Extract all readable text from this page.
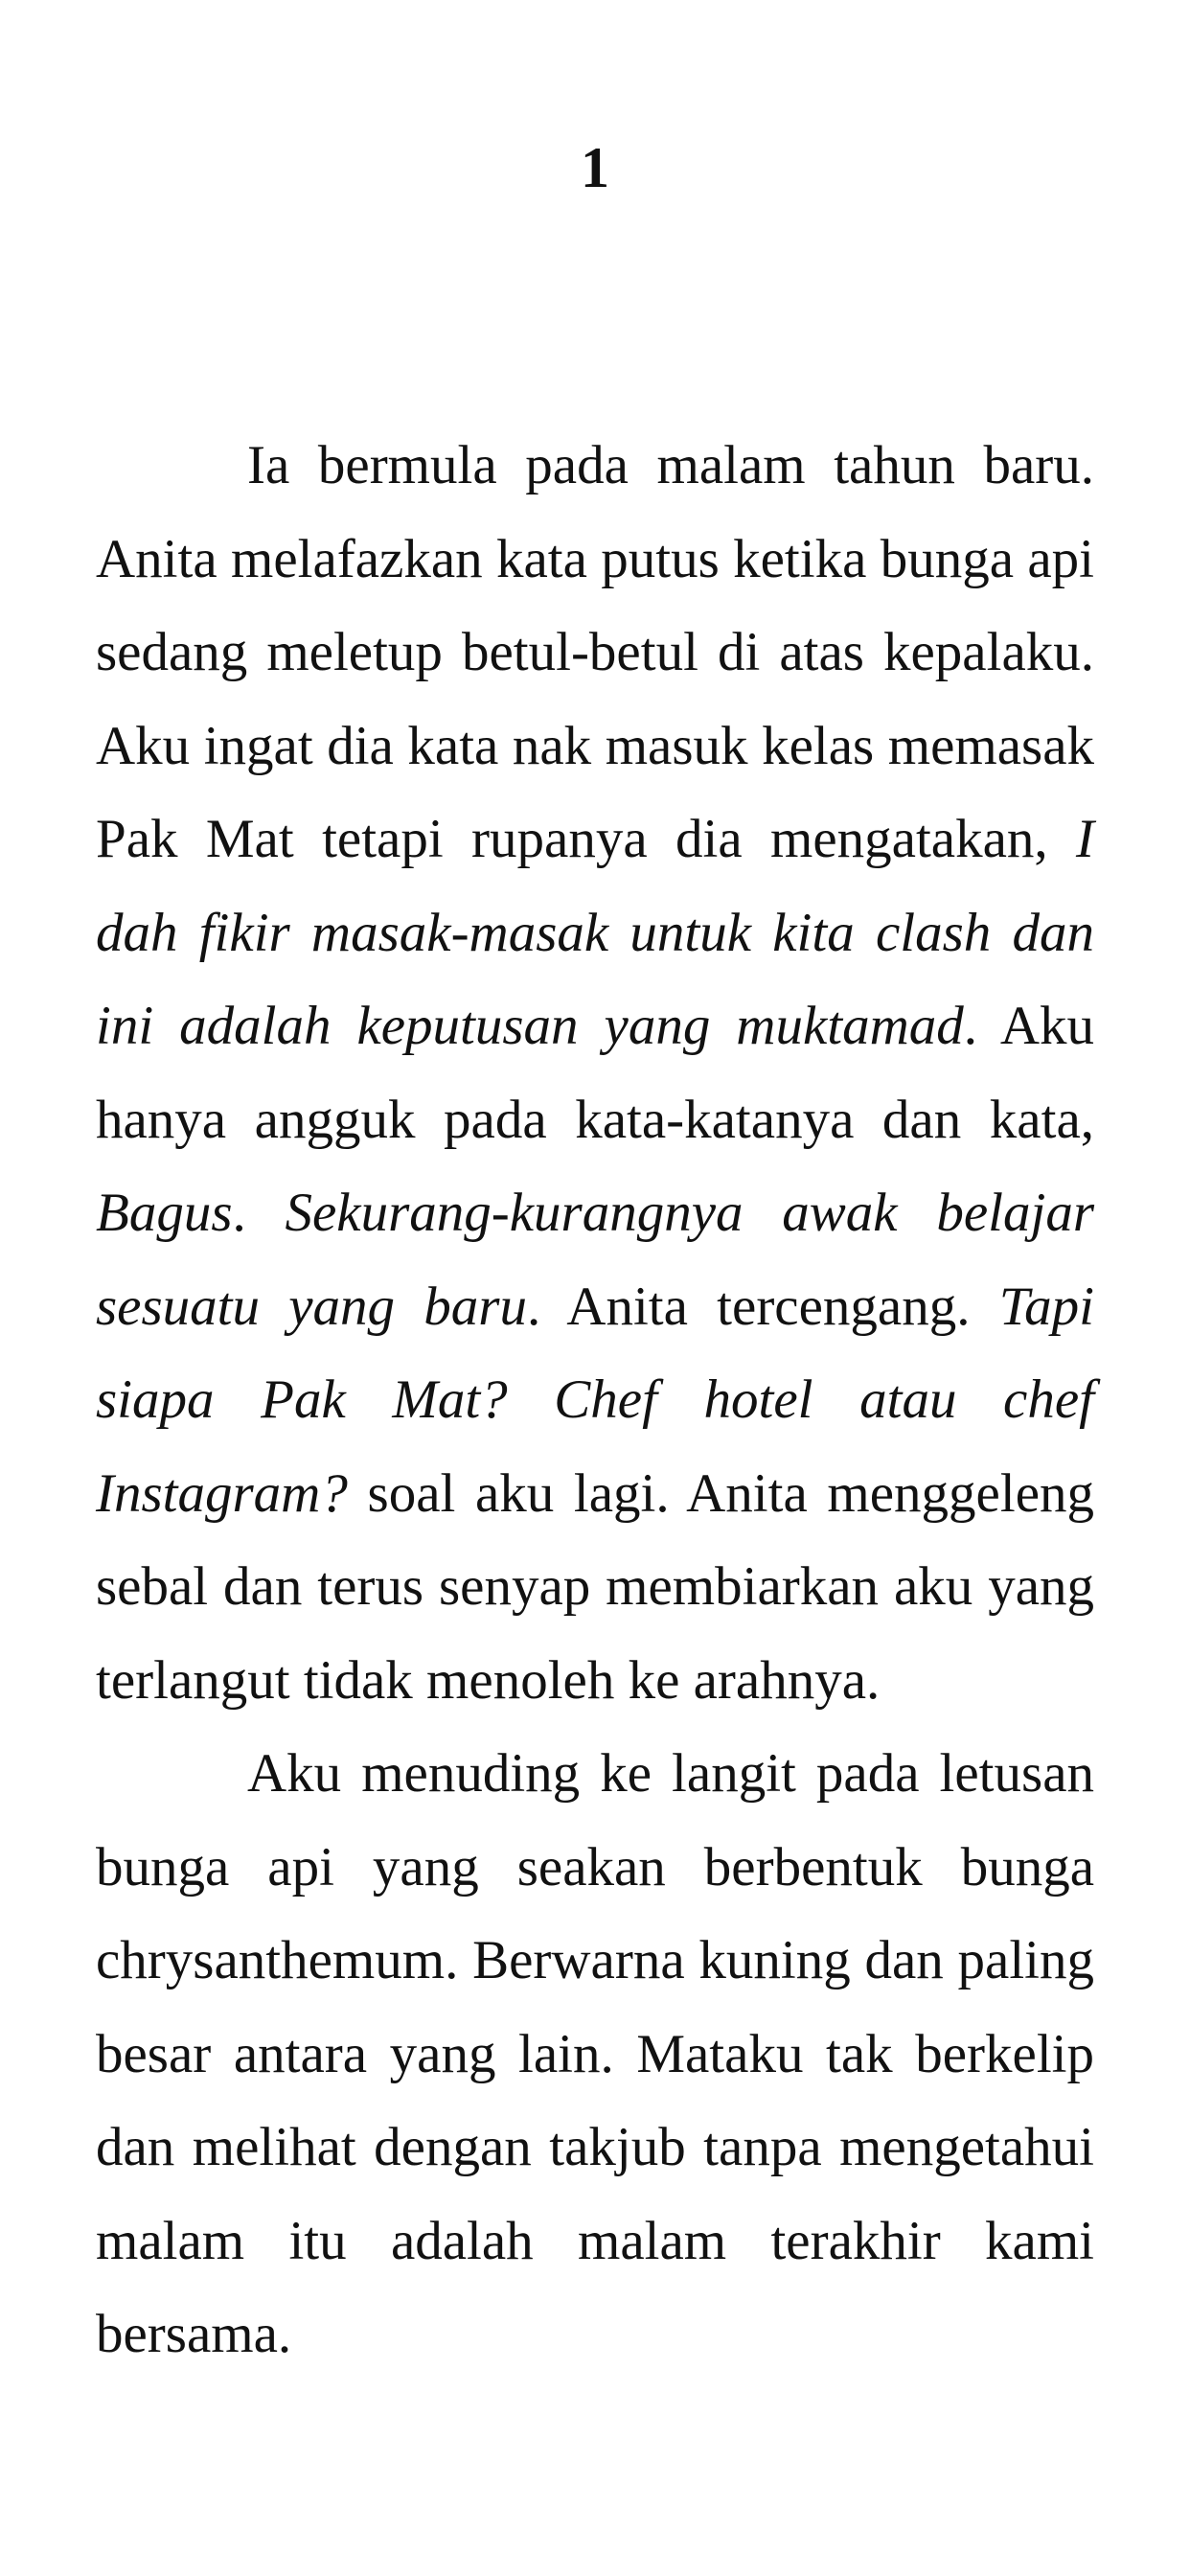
1

Ia bermula pada malam tahun baru. Anita melafazkan kata putus ketika bunga api sedang meletup betul-betul di atas kepalaku. Aku ingat dia kata nak masuk kelas memasak Pak Mat tetapi rupanya dia mengatakan, I dah fikir masak-masak untuk kita clash dan ini adalah keputusan yang muktamad. Aku hanya angguk pada kata-katanya dan kata, Bagus. Sekurang-kurangnya awak belajar sesuatu yang baru. Anita tercengang. Tapi siapa Pak Mat? Chef hotel atau chef Instagram? soal aku lagi. Anita menggeleng sebal dan terus senyap membiarkan aku yang terlangut tidak menoleh ke arahnya.

Aku menuding ke langit pada letusan bunga api yang seakan berbentuk bunga chrysanthemum. Berwarna kuning dan paling besar antara yang lain. Mataku tak berkelip dan melihat dengan takjub tanpa mengetahui malam itu adalah malam terakhir kami bersama.
